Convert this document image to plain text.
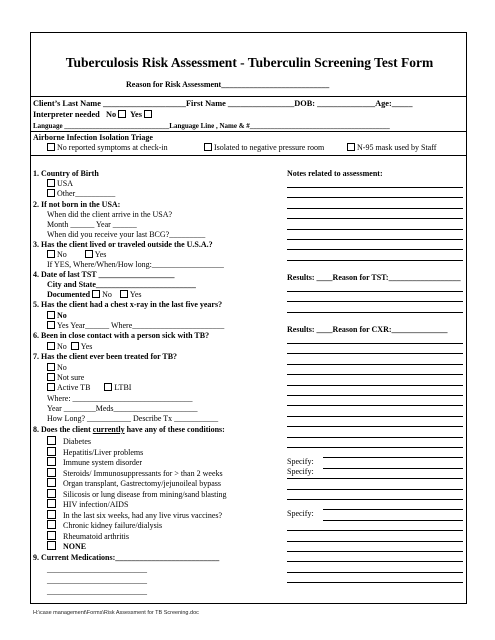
Tuberculosis Risk Assessment - Tuberculin Screening Test Form
Reason for Risk Assessment___________________________
Client’s Last Name ____________________First Name ________________DOB: ______________Age:_____
Interpreter needed No Yes
Language ______________________________Language Line , Name & #________________________________________
Airborne Infection Isolation Triage
No reported symptoms at check-in	Isolated to negative pressure room	N-95 mask used by Staff
1. Country of Birth
USA
Other__________
2. If not born in the USA:
When did the client arrive in the USA?
Month ______ Year ______
When did you receive your last BCG?_________
3. Has the client lived or traveled outside the U.S.A.?
No	Yes
If YES, Where/When/How long:__________________
4. Date of last TST ___________________
City and State_________________________
Documented No Yes
5. Has the client had a chest x-ray in the last five years?
No
Yes Year______ Where_______________________
6. Been in close contact with a person sick with TB?
No Yes
7. Has the client ever been treated for TB?
No
Not sure
Active TB	LTBI
Where: ______________________________
Year ________Meds_____________________
How Long? ___________ Describe Tx ___________
8. Does the client currently have any of these conditions:
Diabetes
Hepatitis/Liver problems
Immune system disorder
Steroids/ Immunosuppressants for > than 2 weeks
Organ transplant, Gastrectomy/jejunoileal bypass
Silicosis or lung disease from mining/sand blasting
HIV infection/AIDS
In the last six weeks, had any live virus vaccines?
Chronic kidney failure/dialysis
Rheumatoid arthritis
NONE
9. Current Medications:__________________________
_________________________
_________________________
_________________________
Notes related to assessment:
Results: ____Reason for TST:__________________
Results: ____Reason for CXR:______________
Specify:
Specify:
Specify:
H:\case management\Forms\Risk Assessment for TB Screening.doc
